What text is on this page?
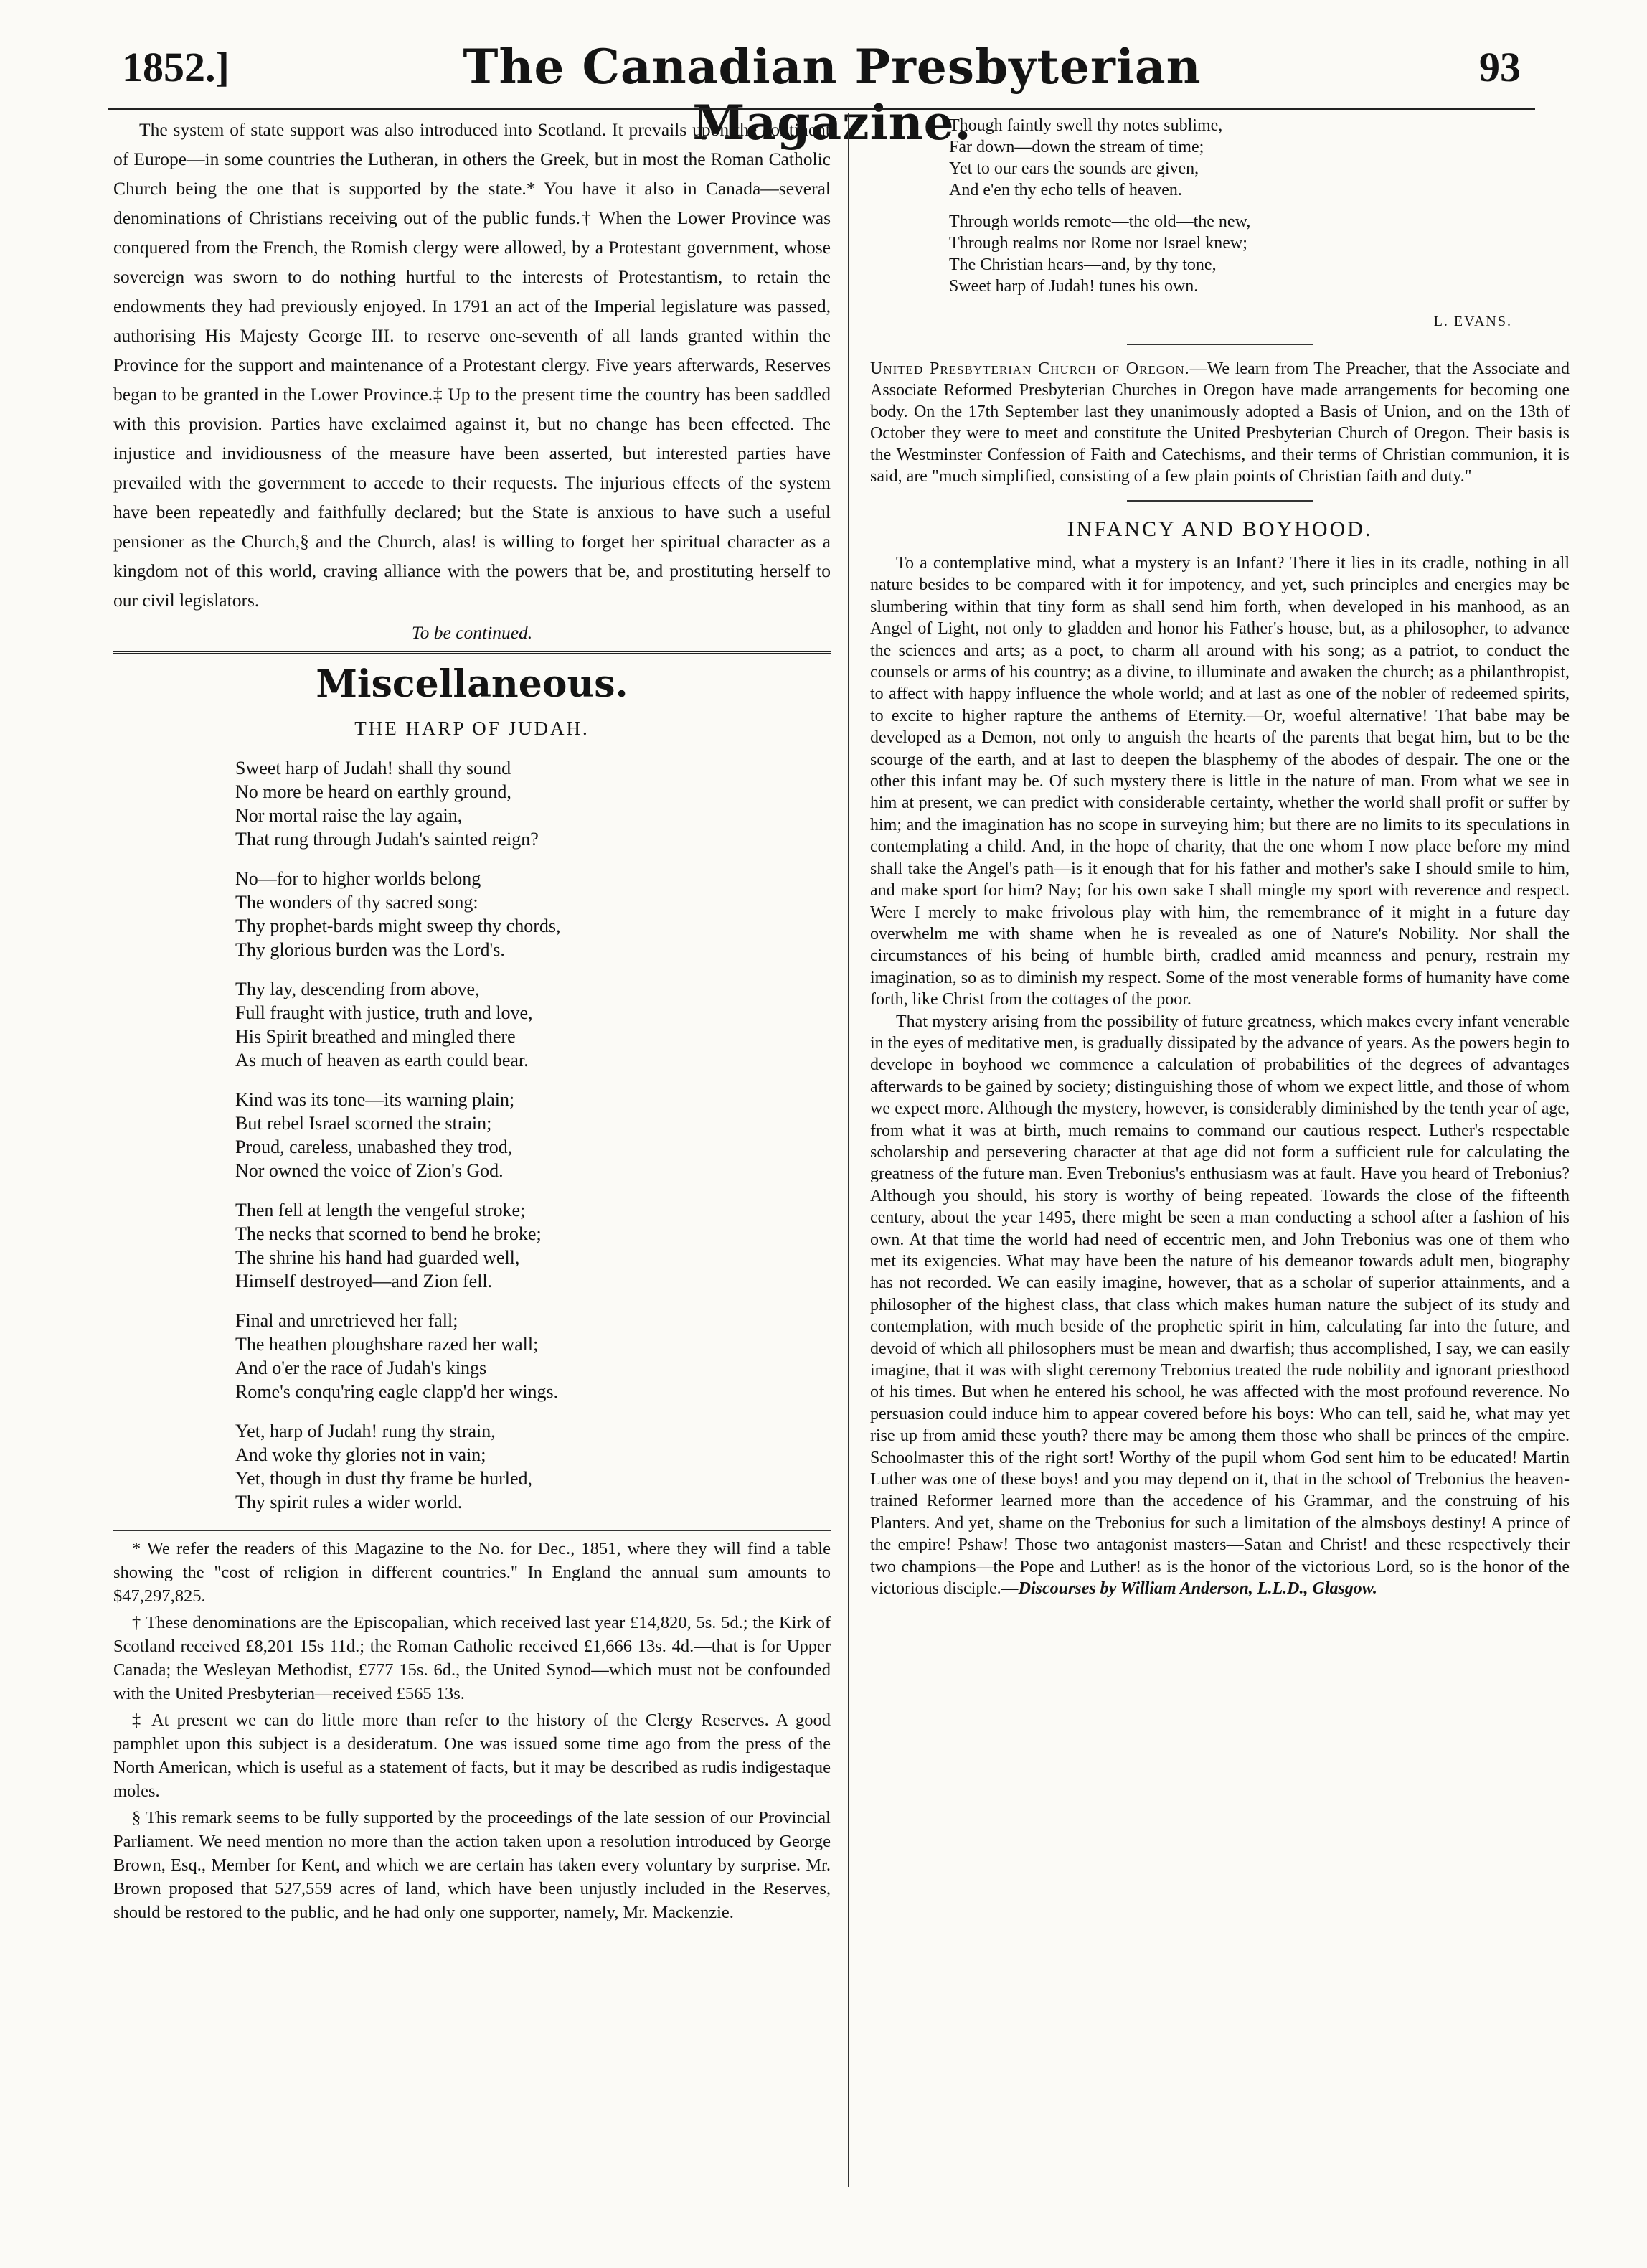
1852.]	The Canadian Presbyterian Magazine.
93

The system of state support was also introduced into Scotland. It prevails upon the continent of Europe—in some countries the Lutheran, in others the Greek, but in most the Roman Catholic Church being the one that is supported by the state.* You have it also in Canada—several denominations of Christians receiving out of the public funds.† When the Lower Province was conquered from the French, the Romish clergy were allowed, by a Protestant government, whose sovereign was sworn to do nothing hurtful to the interests of Protestantism, to retain the endowments they had previously enjoyed. In 1791 an act of the Imperial legislature was passed, authorising His Majesty George III. to reserve one-seventh of all lands granted within the Province for the support and maintenance of a Protestant clergy. Five years afterwards, Reserves began to be granted in the Lower Province.‡ Up to the present time the country has been saddled with this provision. Parties have exclaimed against it, but no change has been effected. The injustice and invidiousness of the measure have been asserted, but interested parties have prevailed with the government to accede to their requests. The injurious effects of the system have been repeatedly and faithfully declared; but the State is anxious to have such a useful pensioner as the Church,§ and the Church, alas! is willing to forget her spiritual character as a kingdom not of this world, craving alliance with the powers that be, and prostituting herself to our civil legislators.

To be continued.
Miscellaneous.
THE HARP OF JUDAH.
Sweet harp of Judah! shall thy sound
No more be heard on earthly ground,
Nor mortal raise the lay again,
That rung through Judah's sainted reign?
No—for to higher worlds belong
The wonders of thy sacred song:
Thy prophet-bards might sweep thy chords,
Thy glorious burden was the Lord's.
Thy lay, descending from above,
Full fraught with justice, truth and love,
His Spirit breathed and mingled there
As much of heaven as earth could bear.
Kind was its tone—its warning plain;
But rebel Israel scorned the strain;
Proud, careless, unabashed they trod,
Nor owned the voice of Zion's God.
Then fell at length the vengeful stroke;
The necks that scorned to bend he broke;
The shrine his hand had guarded well,
Himself destroyed—and Zion fell.
Final and unretrieved her fall;
The heathen ploughshare razed her wall;
And o'er the race of Judah's kings
Rome's conqu'ring eagle clapp'd her wings.
Yet, harp of Judah! rung thy strain,
And woke thy glories not in vain;
Yet, though in dust thy frame be hurled,
Thy spirit rules a wider world.

* We refer the readers of this Magazine to the No. for Dec., 1851, where they will find a table showing the "cost of religion in different countries." In England the annual sum amounts to $47,297,825.

† These denominations are the Episcopalian, which received last year £14,820, 5s. 5d.; the Kirk of Scotland received £8,201 15s 11d.; the Roman Catholic received £1,666 13s. 4d.—that is for Upper Canada; the Wesleyan Methodist, £777 15s. 6d., the United Synod—which must not be confounded with the United Presbyterian—received £565 13s.

‡ At present we can do little more than refer to the history of the Clergy Reserves. A good pamphlet upon this subject is a desideratum. One was issued some time ago from the press of the North American, which is useful as a statement of facts, but it may be described as rudis indigestaque moles.

§ This remark seems to be fully supported by the proceedings of the late session of our Provincial Parliament. We need mention no more than the action taken upon a resolution introduced by George Brown, Esq., Member for Kent, and which we are certain has taken every voluntary by surprise. Mr. Brown proposed that 527,559 acres of land, which have been unjustly included in the Reserves, should be restored to the public, and he had only one supporter, namely, Mr. Mackenzie.

Though faintly swell thy notes sublime,
Far down—down the stream of time;
Yet to our ears the sounds are given,
And e'en thy echo tells of heaven.
Through worlds remote—the old—the new,
Through realms nor Rome nor Israel knew;
The Christian hears—and, by thy tone,
Sweet harp of Judah! tunes his own.
L. EVANS.
United Presbyterian Church of Oregon.—We learn from The Preacher, that the Associate and Associate Reformed Presbyterian Churches in Oregon have made arrangements for becoming one body. On the 17th September last they unanimously adopted a Basis of Union, and on the 13th of October they were to meet and constitute the United Presbyterian Church of Oregon. Their basis is the Westminster Confession of Faith and Catechisms, and their terms of Christian communion, it is said, are "much simplified, consisting of a few plain points of Christian faith and duty."
INFANCY AND BOYHOOD.

To a contemplative mind, what a mystery is an Infant? There it lies in its cradle, nothing in all nature besides to be compared with it for impotency, and yet, such principles and energies may be slumbering within that tiny form as shall send him forth, when developed in his manhood, as an Angel of Light, not only to gladden and honor his Father's house, but, as a philosopher, to advance the sciences and arts; as a poet, to charm all around with his song; as a patriot, to conduct the counsels or arms of his country; as a divine, to illuminate and awaken the church; as a philanthropist, to affect with happy influence the whole world; and at last as one of the nobler of redeemed spirits, to excite to higher rapture the anthems of Eternity.—Or, woeful alternative! That babe may be developed as a Demon, not only to anguish the hearts of the parents that begat him, but to be the scourge of the earth, and at last to deepen the blasphemy of the abodes of despair. The one or the other this infant may be. Of such mystery there is little in the nature of man. From what we see in him at present, we can predict with considerable certainty, whether the world shall profit or suffer by him; and the imagination has no scope in surveying him; but there are no limits to its speculations in contemplating a child. And, in the hope of charity, that the one whom I now place before my mind shall take the Angel's path—is it enough that for his father and mother's sake I should smile to him, and make sport for him? Nay; for his own sake I shall mingle my sport with reverence and respect. Were I merely to make frivolous play with him, the remembrance of it might in a future day overwhelm me with shame when he is revealed as one of Nature's Nobility. Nor shall the circumstances of his being of humble birth, cradled amid meanness and penury, restrain my imagination, so as to diminish my respect. Some of the most venerable forms of humanity have come forth, like Christ from the cottages of the poor.

That mystery arising from the possibility of future greatness, which makes every infant venerable in the eyes of meditative men, is gradually dissipated by the advance of years. As the powers begin to develope in boyhood we commence a calculation of probabilities of the degrees of advantages afterwards to be gained by society; distinguishing those of whom we expect little, and those of whom we expect more. Although the mystery, however, is considerably diminished by the tenth year of age, from what it was at birth, much remains to command our cautious respect. Luther's respectable scholarship and persevering character at that age did not form a sufficient rule for calculating the greatness of the future man. Even Trebonius's enthusiasm was at fault. Have you heard of Trebonius? Although you should, his story is worthy of being repeated. Towards the close of the fifteenth century, about the year 1495, there might be seen a man conducting a school after a fashion of his own. At that time the world had need of eccentric men, and John Trebonius was one of them who met its exigencies. What may have been the nature of his demeanor towards adult men, biography has not recorded. We can easily imagine, however, that as a scholar of superior attainments, and a philosopher of the highest class, that class which makes human nature the subject of its study and contemplation, with much beside of the prophetic spirit in him, calculating far into the future, and devoid of which all philosophers must be mean and dwarfish; thus accomplished, I say, we can easily imagine, that it was with slight ceremony Trebonius treated the rude nobility and ignorant priesthood of his times. But when he entered his school, he was affected with the most profound reverence. No persuasion could induce him to appear covered before his boys: Who can tell, said he, what may yet rise up from amid these youth? there may be among them those who shall be princes of the empire. Schoolmaster this of the right sort! Worthy of the pupil whom God sent him to be educated! Martin Luther was one of these boys! and you may depend on it, that in the school of Trebonius the heaven-trained Reformer learned more than the accedence of his Grammar, and the construing of his Planters. And yet, shame on the Trebonius for such a limitation of the almsboys destiny! A prince of the empire! Pshaw! Those two antagonist masters—Satan and Christ! and these respectively their two champions—the Pope and Luther! as is the honor of the victorious Lord, so is the honor of the victorious disciple.—Discourses by William Anderson, L.L.D., Glasgow.
